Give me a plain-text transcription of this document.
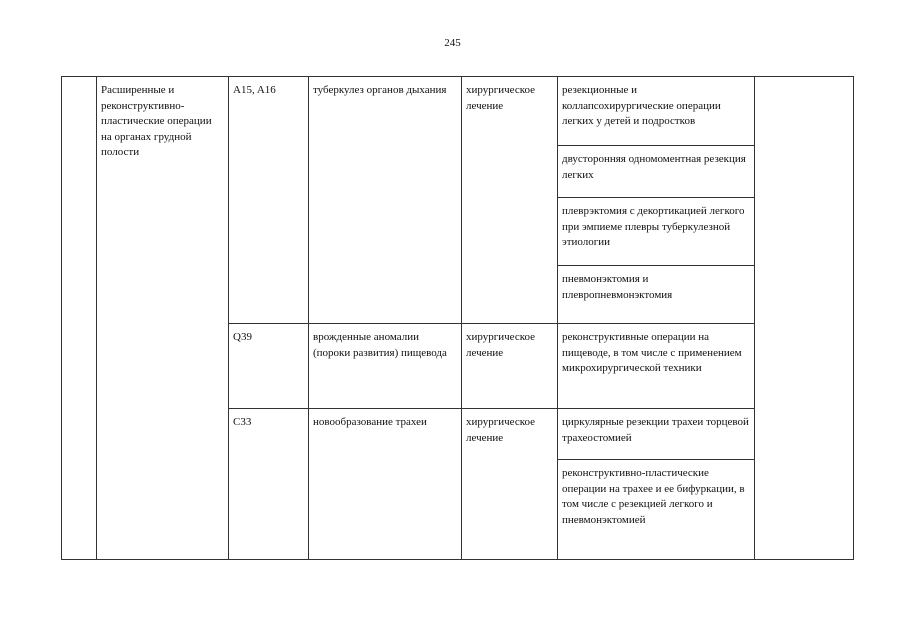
245
	Расширенные и реконструктивно-пластические операции на органах грудной полости	A15, A16	туберкулез органов дыхания	хирургическое лечение	резекционные и коллапсохирургические операции легких у детей и подростков
двусторонняя одномоментная резекция легких
плеврэктомия с декортикацией легкого при эмпиеме плевры туберкулезной этиологии
пневмонэктомия и плевропневмонэктомия	

		Q39	врожденные аномалии (пороки развития) пищевода	хирургическое лечение	реконструктивные операции на пищеводе, в том числе с применением микрохирургической техники	

		C33	новообразование трахеи	хирургическое лечение	циркулярные резекции трахеи торцевой трахеостомией
реконструктивно-пластические операции на трахее и ее бифуркации, в том числе с резекцией легкого и пневмонэктомией	
